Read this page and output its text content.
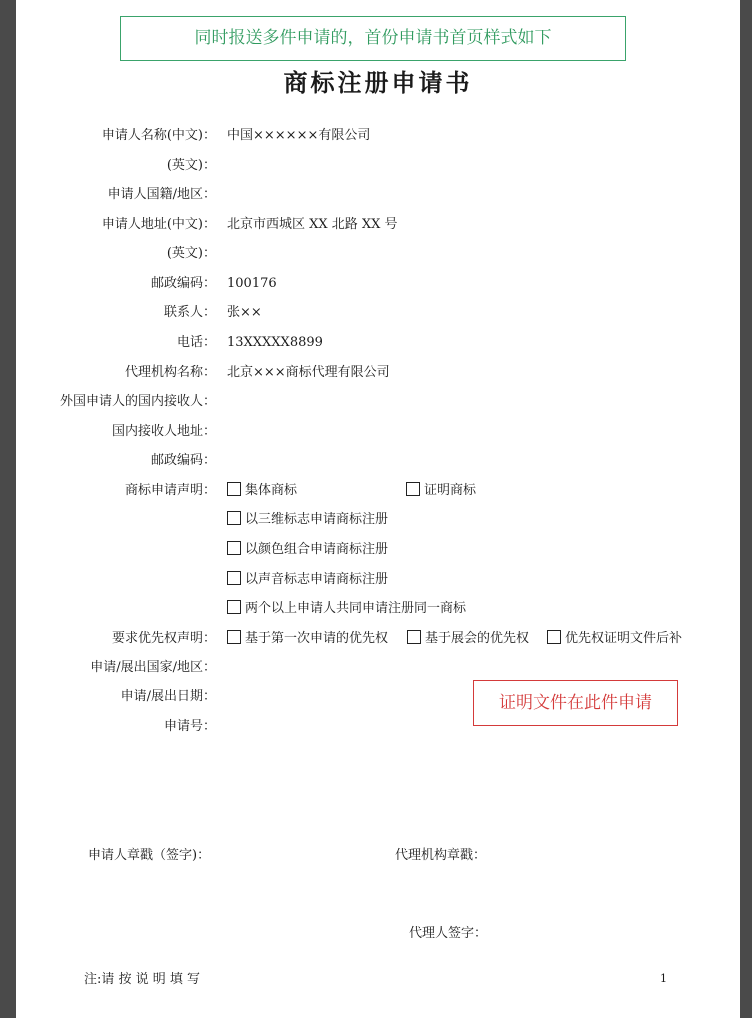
同时报送多件申请的，首份申请书首页样式如下
商标注册申请书
申请人名称(中文)： 中国××××××有限公司
(英文)：
申请人国籍/地区：
申请人地址(中文)： 北京市西城区 XX 北路 XX 号
(英文)：
邮政编码： 100176
联系人： 张××
电话： 13XXXXX8899
代理机构名称： 北京×××商标代理有限公司
外国申请人的国内接收人：
国内接收人地址：
邮政编码：
商标申请声明：	集体商标	证明商标
以三维标志申请商标注册
以颜色组合申请商标注册
以声音标志申请商标注册
两个以上申请人共同申请注册同一商标
要求优先权声明：	基于第一次申请的优先权	基于展会的优先权	优先权证明文件后补
申请/展出国家/地区：
申请/展出日期：
申请号：
证明文件在此件申请
申请人章戳（签字)：	代理机构章戳：
代理人签字：
注:请 按 说 明 填 写	1
